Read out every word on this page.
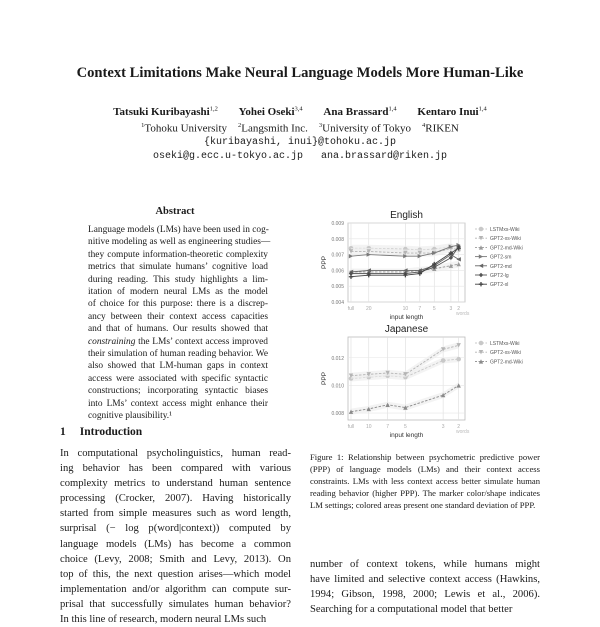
Context Limitations Make Neural Language Models More Human-Like
Tatsuki Kuribayashi$^{1,2}$ Yohei Oseki$^{3,4}$ Ana Brassard$^{1,4}$ Kentaro Inui$^{1,4}$
$^1$Tohoku University $^2$Langsmith Inc. $^3$University of Tokyo $^4$RIKEN
{kuribayashi, inui}@tohoku.ac.jp
oseki@g.ecc.u-tokyo.ac.jp   ana.brassard@riken.jp
Abstract
Language models (LMs) have been used in cog-
nitive modeling as well as engineering studies—
they compute information-theoretic complexity
metrics that simulate humans’ cognitive load
during reading. This study highlights a lim-
itation of modern neural LMs as the model
of choice for this purpose: there is a discrep-
ancy between their context access capacities
and that of humans. Our results showed that
constraining the LMs’ context access improved
their simulation of human reading behavior. We
also showed that LM-human gaps in context
access were associated with specific syntactic
constructions; incorporating syntactic biases
into LMs’ context access might enhance their
cognitive plausibility.¹
1 Introduction
In computational psycholinguistics, human read-
ing behavior has been compared with various
complexity metrics to understand human sentence
processing (Crocker, 2007). Having historically
started from simple measures such as word length,
surprisal (− log p(word|context)) computed by
language models (LMs) has become a common
choice (Levy, 2008; Smith and Levy, 2013). On
top of this, the next question arises—which model
implementation and/or algorithm can compute sur-
prisal that successfully simulates human behavior?
In this line of research, modern neural LMs such
English
full 20	10 7 5	3 2
0.004
0.005
0.006
0.007
0.008
0.009
words
input length
PPP
LSTMxs-Wiki
GPT2-xs-Wiki
GPT2-md-Wiki
GPT2-sm
GPT2-md
GPT2-lg
GPT2-xl
Japanese
full 10	7	5	3	2
0.008
0.010
0.012
words
input length
PPP
LSTMxs-Wiki
GPT2-xs-Wiki
GPT2-md-Wiki
Figure 1: Relationship between psychometric predictive power (PPP) of language models (LMs) and their context access constraints. LMs with less context access better simulate human reading behavior (higher PPP). The marker color/shape indicates LM settings; colored areas present one standard deviation of PPP.
number of context tokens, while humans might
have limited and selective context access (Hawkins,
1994; Gibson, 1998, 2000; Lewis et al., 2006).
Searching for a computational model that better
